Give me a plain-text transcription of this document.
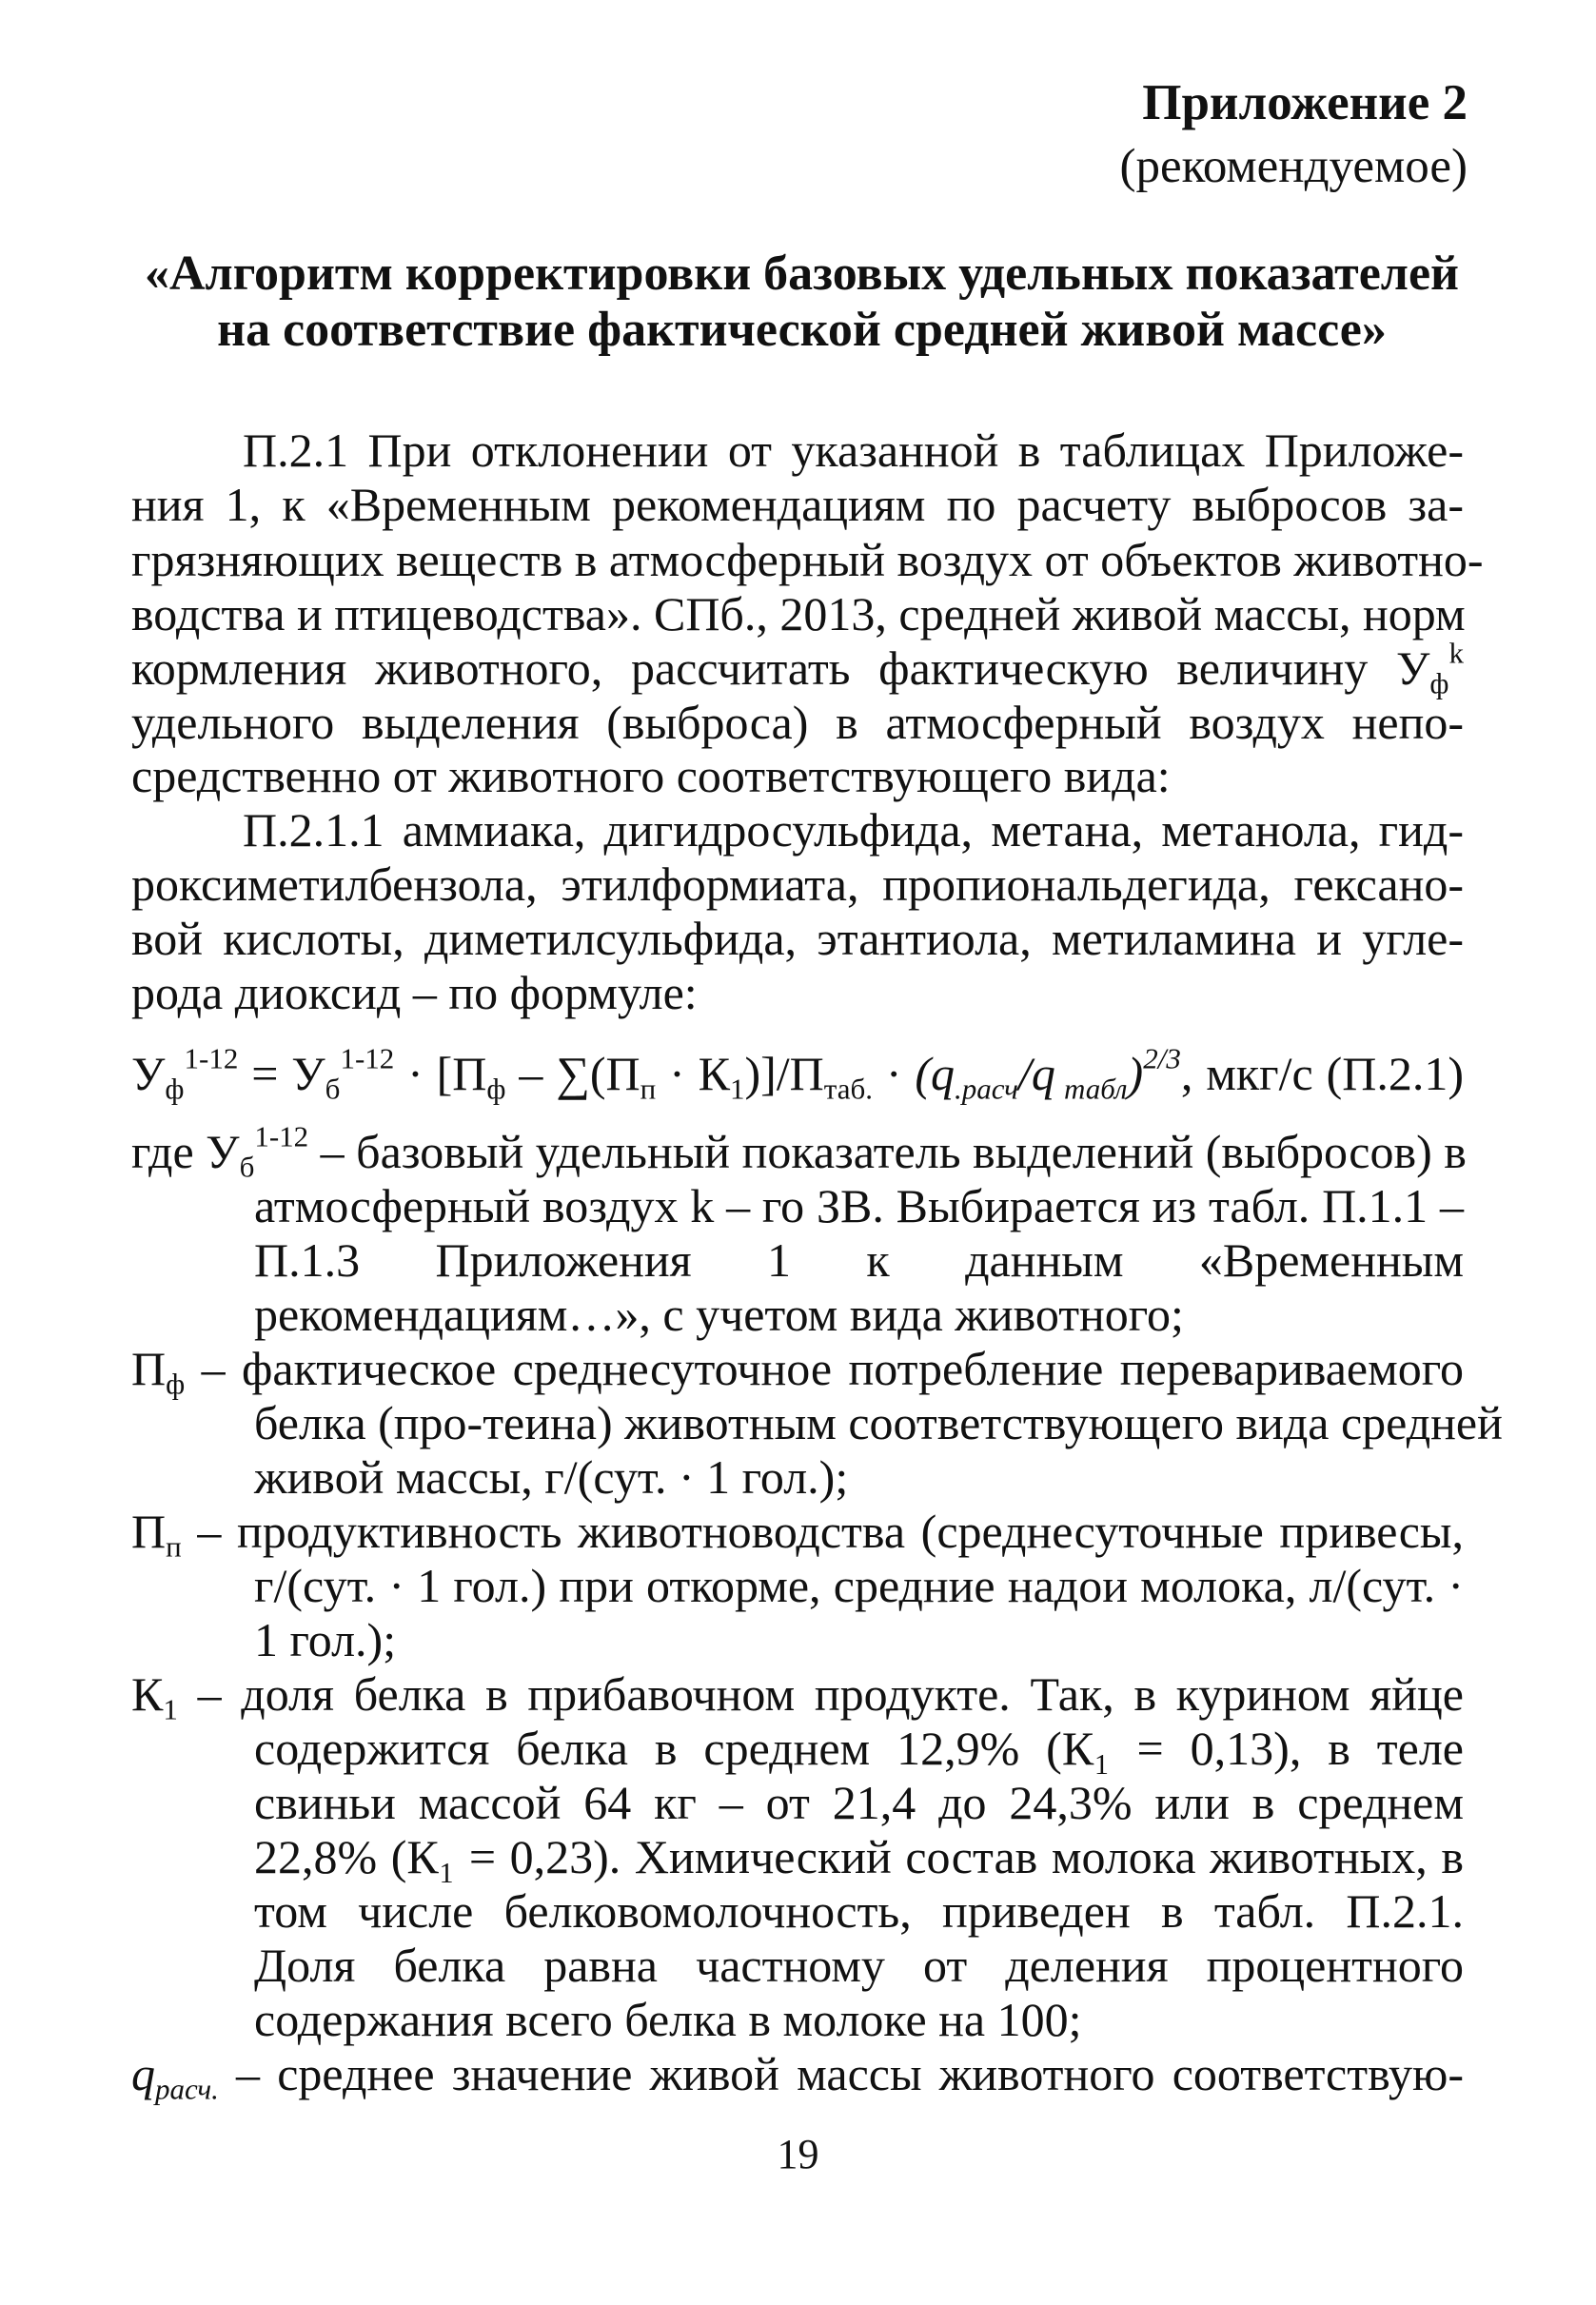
Приложение 2
(рекомендуемое)
«Алгоритм корректировки базовых удельных показателей
на соответствие фактической средней живой массе»
П.2.1 При отклонении от указанной в таблицах Приложе-
ния 1, к «Временным рекомендациям по расчету выбросов за-
грязняющих веществ в атмосферный воздух от объектов животно-
водства и птицеводства». СПб., 2013, средней живой массы, норм
кормления животного, рассчитать фактическую величину $У_ф^k$
удельного выделения (выброса) в атмосферный воздух непо-
средственно от животного соответствующего вида:
П.2.1.1 аммиака, дигидросульфида, метана, метанола, гид-
роксиметилбензола, этилформиата, пропиональдегида, гексано-
вой кислоты, диметилсульфида, этантиола, метиламина и угле-
рода диоксид – по формуле:
$У_ф^{1-12} = У_б^{1-12} \cdot [П_ф - \sum(П_п \cdot К_1)]/П_{таб.} \cdot (q_{.расч}/q$ $_{табл}$)$^{2/3}$, мкг/с (П.2.1)
где $У_б^{1-12}$ – базовый удельный показатель выделений (выбросов) в
атмосферный воздух k – го ЗВ. Выбирается из табл. П.1.1 –
П.1.3 Приложения 1 к данным «Временным
рекомендациям…», с учетом вида животного;
$П_ф$ – фактическое среднесуточное потребление перевариваемого
белка (про-теина) животным соответствующего вида средней
живой массы, г/(сут. · 1 гол.);
$П_п$ – продуктивность животноводства (среднесуточные привесы,
г/(сут. · 1 гол.) при откорме, средние надои молока, л/(сут. ·
1 гол.);
$К_1$ – доля белка в прибавочном продукте. Так, в курином яйце
содержится белка в среднем 12,9% (К₁ = 0,13), в теле
свиньи массой 64 кг – от 21,4 до 24,3% или в среднем
22,8% (К₁ = 0,23). Химический состав молока животных, в
том числе белковомолочность, приведен в табл. П.2.1.
Доля белка равна частному от деления процентного
содержания всего белка в молоке на 100;
$q_{расч.}$ – среднее значение живой массы животного соответствую-
19
